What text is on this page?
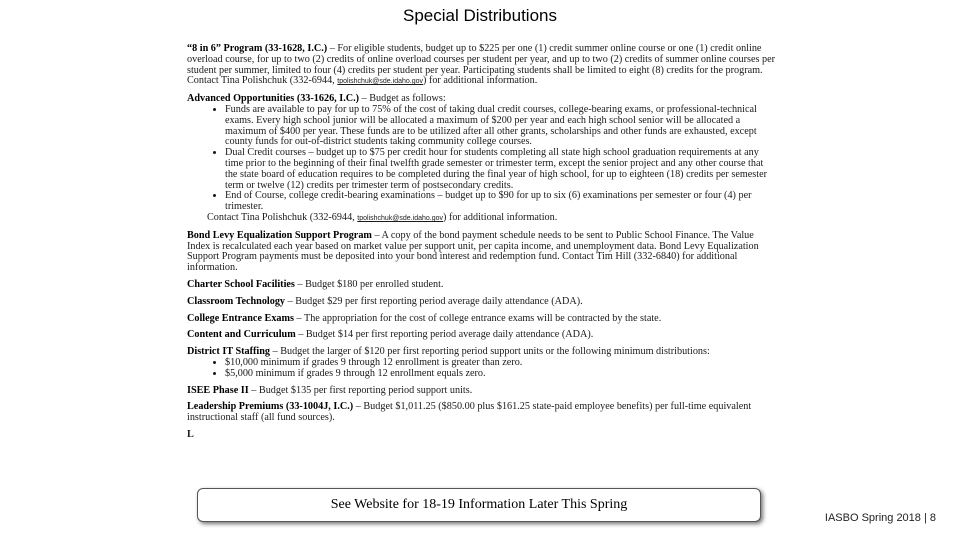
Special Distributions

“8 in 6” Program (33-1628, I.C.) – For eligible students, budget up to $225 per one (1) credit summer online course or one (1) credit online overload course, for up to two (2) credits of online overload courses per student per year, and up to two (2) credits of summer online courses per student per summer, limited to four (4) credits per student per year. Participating students shall be limited to eight (8) credits for the program. Contact Tina Polishchuk (332-6944, tpolishchuk@sde.idaho.gov) for additional information.

Advanced Opportunities (33-1626, I.C.) – Budget as follows:

• Funds are available to pay for up to 75% of the cost of taking dual credit courses, college-bearing exams, or professional-technical exams. Every high school junior will be allocated a maximum of $200 per year and each high school senior will be allocated a maximum of $400 per year. These funds are to be utilized after all other grants, scholarships and other funds are exhausted, except county funds for out-of-district students taking community college courses.
• Dual Credit courses – budget up to $75 per credit hour for students completing all state high school graduation requirements at any time prior to the beginning of their final twelfth grade semester or trimester term, except the senior project and any other course that the state board of education requires to be completed during the final year of high school, for up to eighteen (18) credits per semester term or twelve (12) credits per trimester term of postsecondary credits.
• End of Course, college credit-bearing examinations – budget up to $90 for up to six (6) examinations per semester or four (4) per trimester.

Contact Tina Polishchuk (332-6944, tpolishchuk@sde.idaho.gov) for additional information.

Bond Levy Equalization Support Program – A copy of the bond payment schedule needs to be sent to Public School Finance. The Value Index is recalculated each year based on market value per support unit, per capita income, and unemployment data. Bond Levy Equalization Support Program payments must be deposited into your bond interest and redemption fund. Contact Tim Hill (332-6840) for additional information.

Charter School Facilities – Budget $180 per enrolled student.

Classroom Technology – Budget $29 per first reporting period average daily attendance (ADA).

College Entrance Exams – The appropriation for the cost of college entrance exams will be contracted by the state.

Content and Curriculum – Budget $14 per first reporting period average daily attendance (ADA).

District IT Staffing – Budget the larger of $120 per first reporting period support units or the following minimum distributions:

• $10,000 minimum if grades 9 through 12 enrollment is greater than zero.
• $5,000 minimum if grades 9 through 12 enrollment equals zero.

ISEE Phase II – Budget $135 per first reporting period support units.

Leadership Premiums (33-1004J, I.C.) – Budget $1,011.25 ($850.00 plus $161.25 state-paid employee benefits) per full-time equivalent instructional staff (all fund sources).

L

See Website for 18-19 Information Later This Spring
IASBO Spring 2018 | 8
